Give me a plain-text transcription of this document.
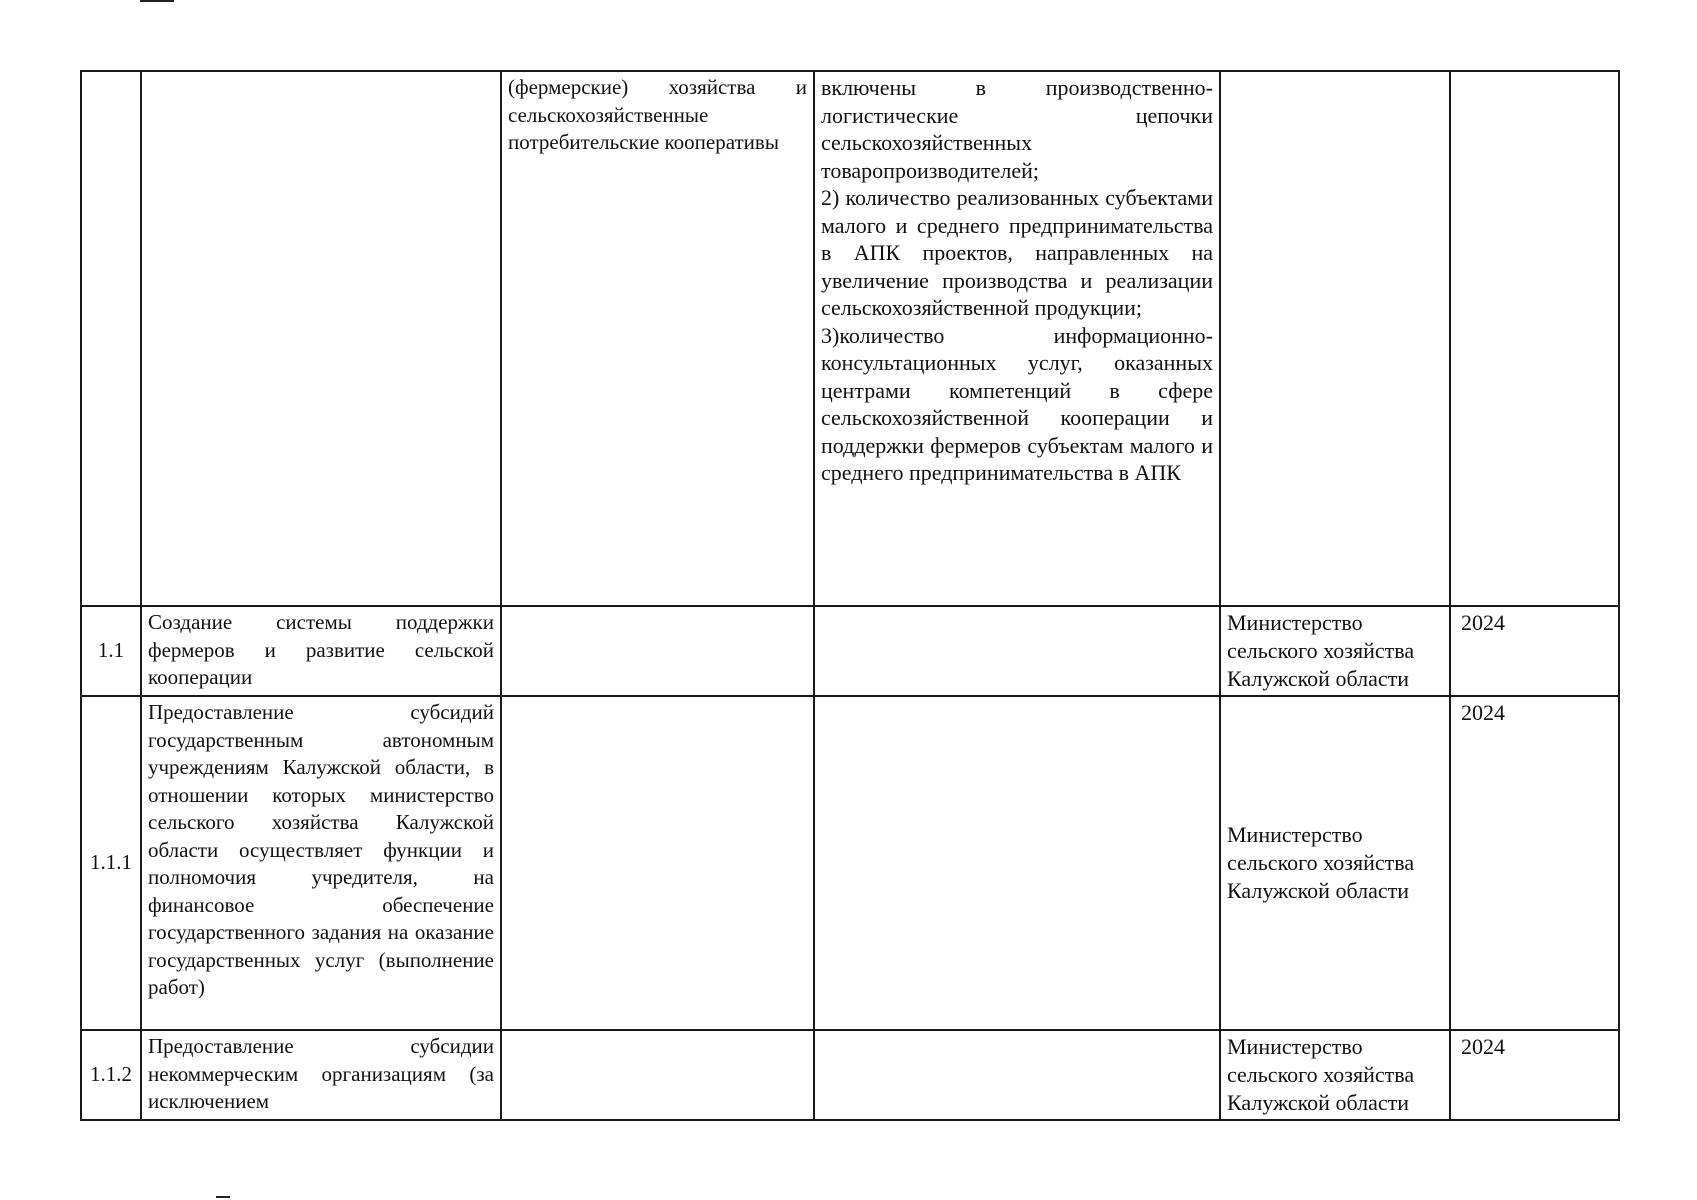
		(фермерские) хозяйства и сельскохозяйственные потребительские кооперативы	включены в производственно-логистические цепочки сельскохозяйственных товаропроизводителей;
2) количество реализованных субъектами малого и среднего предпринимательства в АПК проектов, направленных на увеличение производства и реализации сельскохозяйственной продукции;
3)количество информационно-консультационных услуг, оказанных центрами компетенций в сфере сельскохозяйственной кооперации и поддержки фермеров субъектам малого и среднего предпринимательства в АПК		

1.1	Создание системы поддержки фермеров и развитие сельской кооперации			Министерство сельского хозяйства Калужской области	2024
1.1.1	Предоставление субсидий государственным автономным учреждениям Калужской области, в отношении которых министерство сельского хозяйства Калужской области осуществляет функции и полномочия учредителя, на финансовое обеспечение государственного задания на оказание государственных услуг (выполнение работ)			Министерство сельского хозяйства Калужской области	2024
1.1.2	Предоставление субсидии некоммерческим организациям (за исключением			Министерство сельского хозяйства Калужской области	2024
